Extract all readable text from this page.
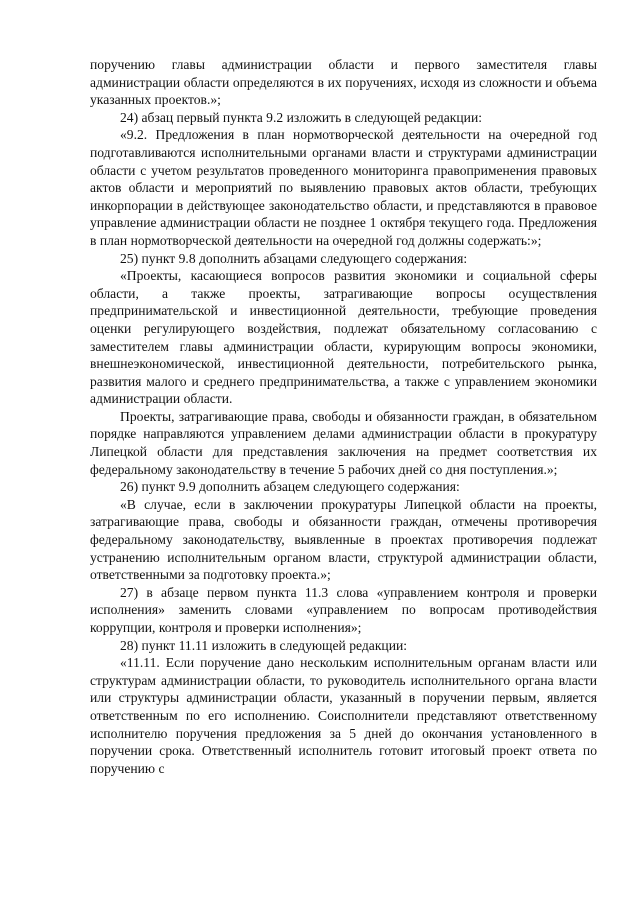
поручению главы администрации области и первого заместителя главы администрации области определяются в их поручениях, исходя из сложности и объема указанных проектов.»;

24) абзац первый пункта 9.2 изложить в следующей редакции:

«9.2. Предложения в план нормотворческой деятельности на очередной год подготавливаются исполнительными органами власти и структурами администрации области с учетом результатов проведенного мониторинга правоприменения правовых актов области и мероприятий по выявлению правовых актов области, требующих инкорпорации в действующее законодательство области, и представляются в правовое управление администрации области не позднее 1 октября текущего года. Предложения в план нормотворческой деятельности на очередной год должны содержать:»;

25) пункт 9.8 дополнить абзацами следующего содержания:

«Проекты, касающиеся вопросов развития экономики и социальной сферы области, а также проекты, затрагивающие вопросы осуществления предпринимательской и инвестиционной деятельности, требующие проведения оценки регулирующего воздействия, подлежат обязательному согласованию с заместителем главы администрации области, курирующим вопросы экономики, внешнеэкономической, инвестиционной деятельности, потребительского рынка, развития малого и среднего предпринимательства, а также с управлением экономики администрации области.

Проекты, затрагивающие права, свободы и обязанности граждан, в обязательном порядке направляются управлением делами администрации области в прокуратуру Липецкой области для представления заключения на предмет соответствия их федеральному законодательству в течение 5 рабочих дней со дня поступления.»;

26) пункт 9.9 дополнить абзацем следующего содержания:

«В случае, если в заключении прокуратуры Липецкой области на проекты, затрагивающие права, свободы и обязанности граждан, отмечены противоречия федеральному законодательству, выявленные в проектах противоречия подлежат устранению исполнительным органом власти, структурой администрации области, ответственными за подготовку проекта.»;

27) в абзаце первом пункта 11.3 слова «управлением контроля и проверки исполнения» заменить словами «управлением по вопросам противодействия коррупции, контроля и проверки исполнения»;

28) пункт 11.11 изложить в следующей редакции:

«11.11. Если поручение дано нескольким исполнительным органам власти или структурам администрации области, то руководитель исполнительного органа власти или структуры администрации области, указанный в поручении первым, является ответственным по его исполнению. Соисполнители представляют ответственному исполнителю поручения предложения за 5 дней до окончания установленного в поручении срока. Ответственный исполнитель готовит итоговый проект ответа по поручению с
